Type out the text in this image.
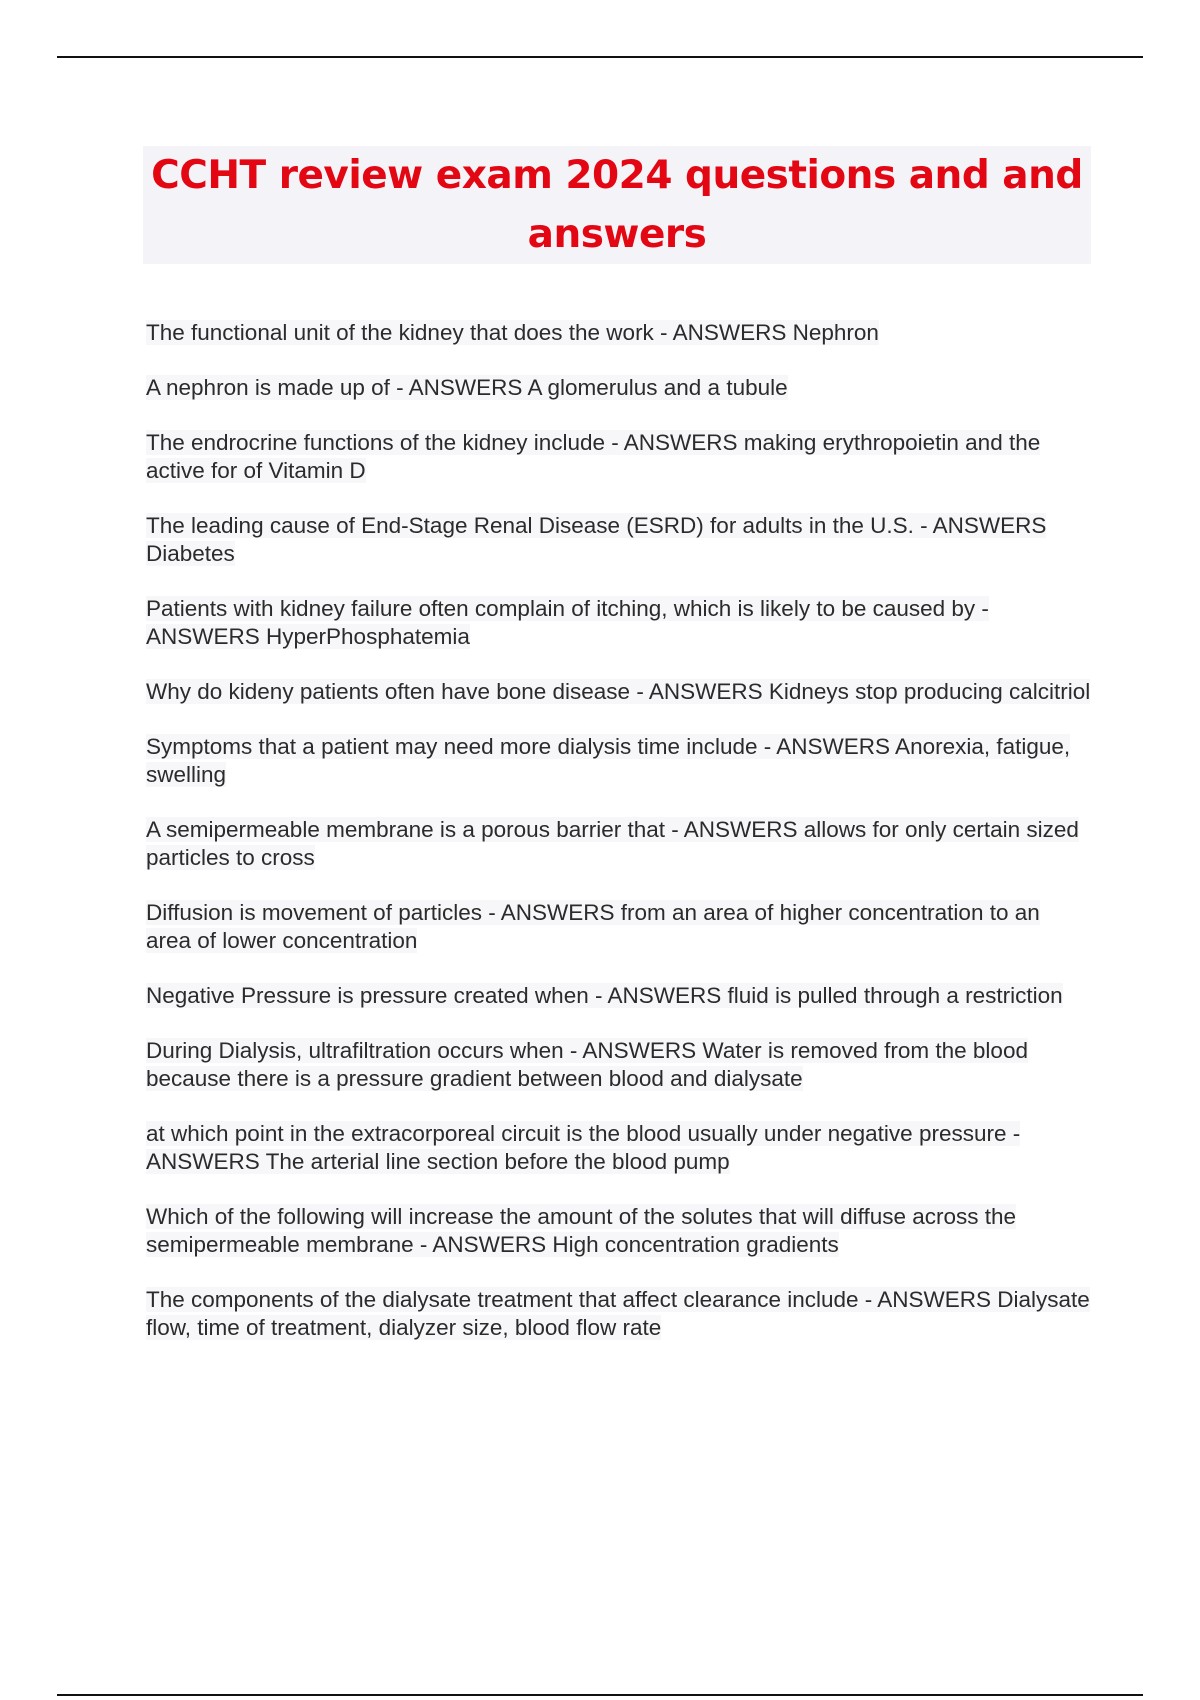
CCHT review exam 2024 questions and and answers
The functional unit of the kidney that does the work - ANSWERS Nephron
A nephron is made up of - ANSWERS A glomerulus and a tubule
The endrocrine functions of the kidney include - ANSWERS making erythropoietin and the active for of Vitamin D
The leading cause of End-Stage Renal Disease (ESRD) for adults in the U.S. - ANSWERS Diabetes
Patients with kidney failure often complain of itching, which is likely to be caused by - ANSWERS HyperPhosphatemia
Why do kideny patients often have bone disease - ANSWERS Kidneys stop producing calcitriol
Symptoms that a patient may need more dialysis time include - ANSWERS Anorexia, fatigue, swelling
A semipermeable membrane is a porous barrier that - ANSWERS allows for only certain sized particles to cross
Diffusion is movement of particles - ANSWERS from an area of higher concentration to an area of lower concentration
Negative Pressure is pressure created when - ANSWERS fluid is pulled through a restriction
During Dialysis, ultrafiltration occurs when - ANSWERS Water is removed from the blood because there is a pressure gradient between blood and dialysate
at which point in the extracorporeal circuit is the blood usually under negative pressure - ANSWERS The arterial line section before the blood pump
Which of the following will increase the amount of the solutes that will diffuse across the semipermeable membrane - ANSWERS High concentration gradients
The components of the dialysate treatment that affect clearance include - ANSWERS Dialysate flow, time of treatment, dialyzer size, blood flow rate
